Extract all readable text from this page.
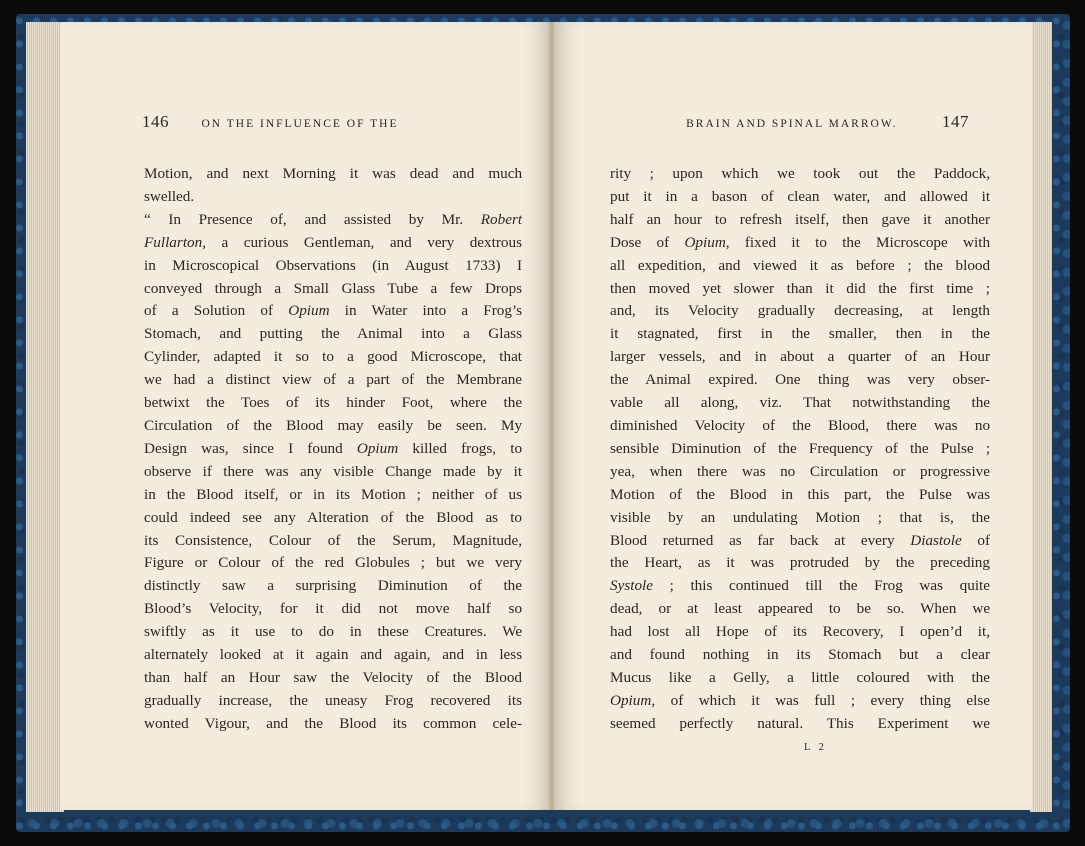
146	ON THE INFLUENCE OF THE
Motion, and next Morning it was dead and much
swelled.
“ In Presence of, and assisted by Mr. Robert
Fullarton, a curious Gentleman, and very dextrous
in Microscopical Observations (in August 1733) I
conveyed through a Small Glass Tube a few Drops
of a Solution of Opium in Water into a Frog’s
Stomach, and putting the Animal into a Glass
Cylinder, adapted it so to a good Microscope, that
we had a distinct view of a part of the Membrane
betwixt the Toes of its hinder Foot, where the
Circulation of the Blood may easily be seen. My
Design was, since I found Opium killed frogs, to
observe if there was any visible Change made by it
in the Blood itself, or in its Motion ; neither of us
could indeed see any Alteration of the Blood as to
its Consistence, Colour of the Serum, Magnitude,
Figure or Colour of the red Globules ; but we very
distinctly saw a surprising Diminution of the
Blood’s Velocity, for it did not move half so
swiftly as it use to do in these Creatures. We
alternately looked at it again and again, and in less
than half an Hour saw the Velocity of the Blood
gradually increase, the uneasy Frog recovered its
wonted Vigour, and the Blood its common cele-
BRAIN AND SPINAL MARROW.	147
rity ; upon which we took out the Paddock,
put it in a bason of clean water, and allowed it
half an hour to refresh itself, then gave it another
Dose of Opium, fixed it to the Microscope with
all expedition, and viewed it as before ; the blood
then moved yet slower than it did the first time ;
and, its Velocity gradually decreasing, at length
it stagnated, first in the smaller, then in the
larger vessels, and in about a quarter of an Hour
the Animal expired. One thing was very obser-
vable all along, viz. That notwithstanding the
diminished Velocity of the Blood, there was no
sensible Diminution of the Frequency of the Pulse ;
yea, when there was no Circulation or progressive
Motion of the Blood in this part, the Pulse was
visible by an undulating Motion ; that is, the
Blood returned as far back at every Diastole of
the Heart, as it was protruded by the preceding
Systole ; this continued till the Frog was quite
dead, or at least appeared to be so. When we
had lost all Hope of its Recovery, I open’d it,
and found nothing in its Stomach but a clear
Mucus like a Gelly, a little coloured with the
Opium, of which it was full ; every thing else
seemed perfectly natural. This Experiment we
L 2
